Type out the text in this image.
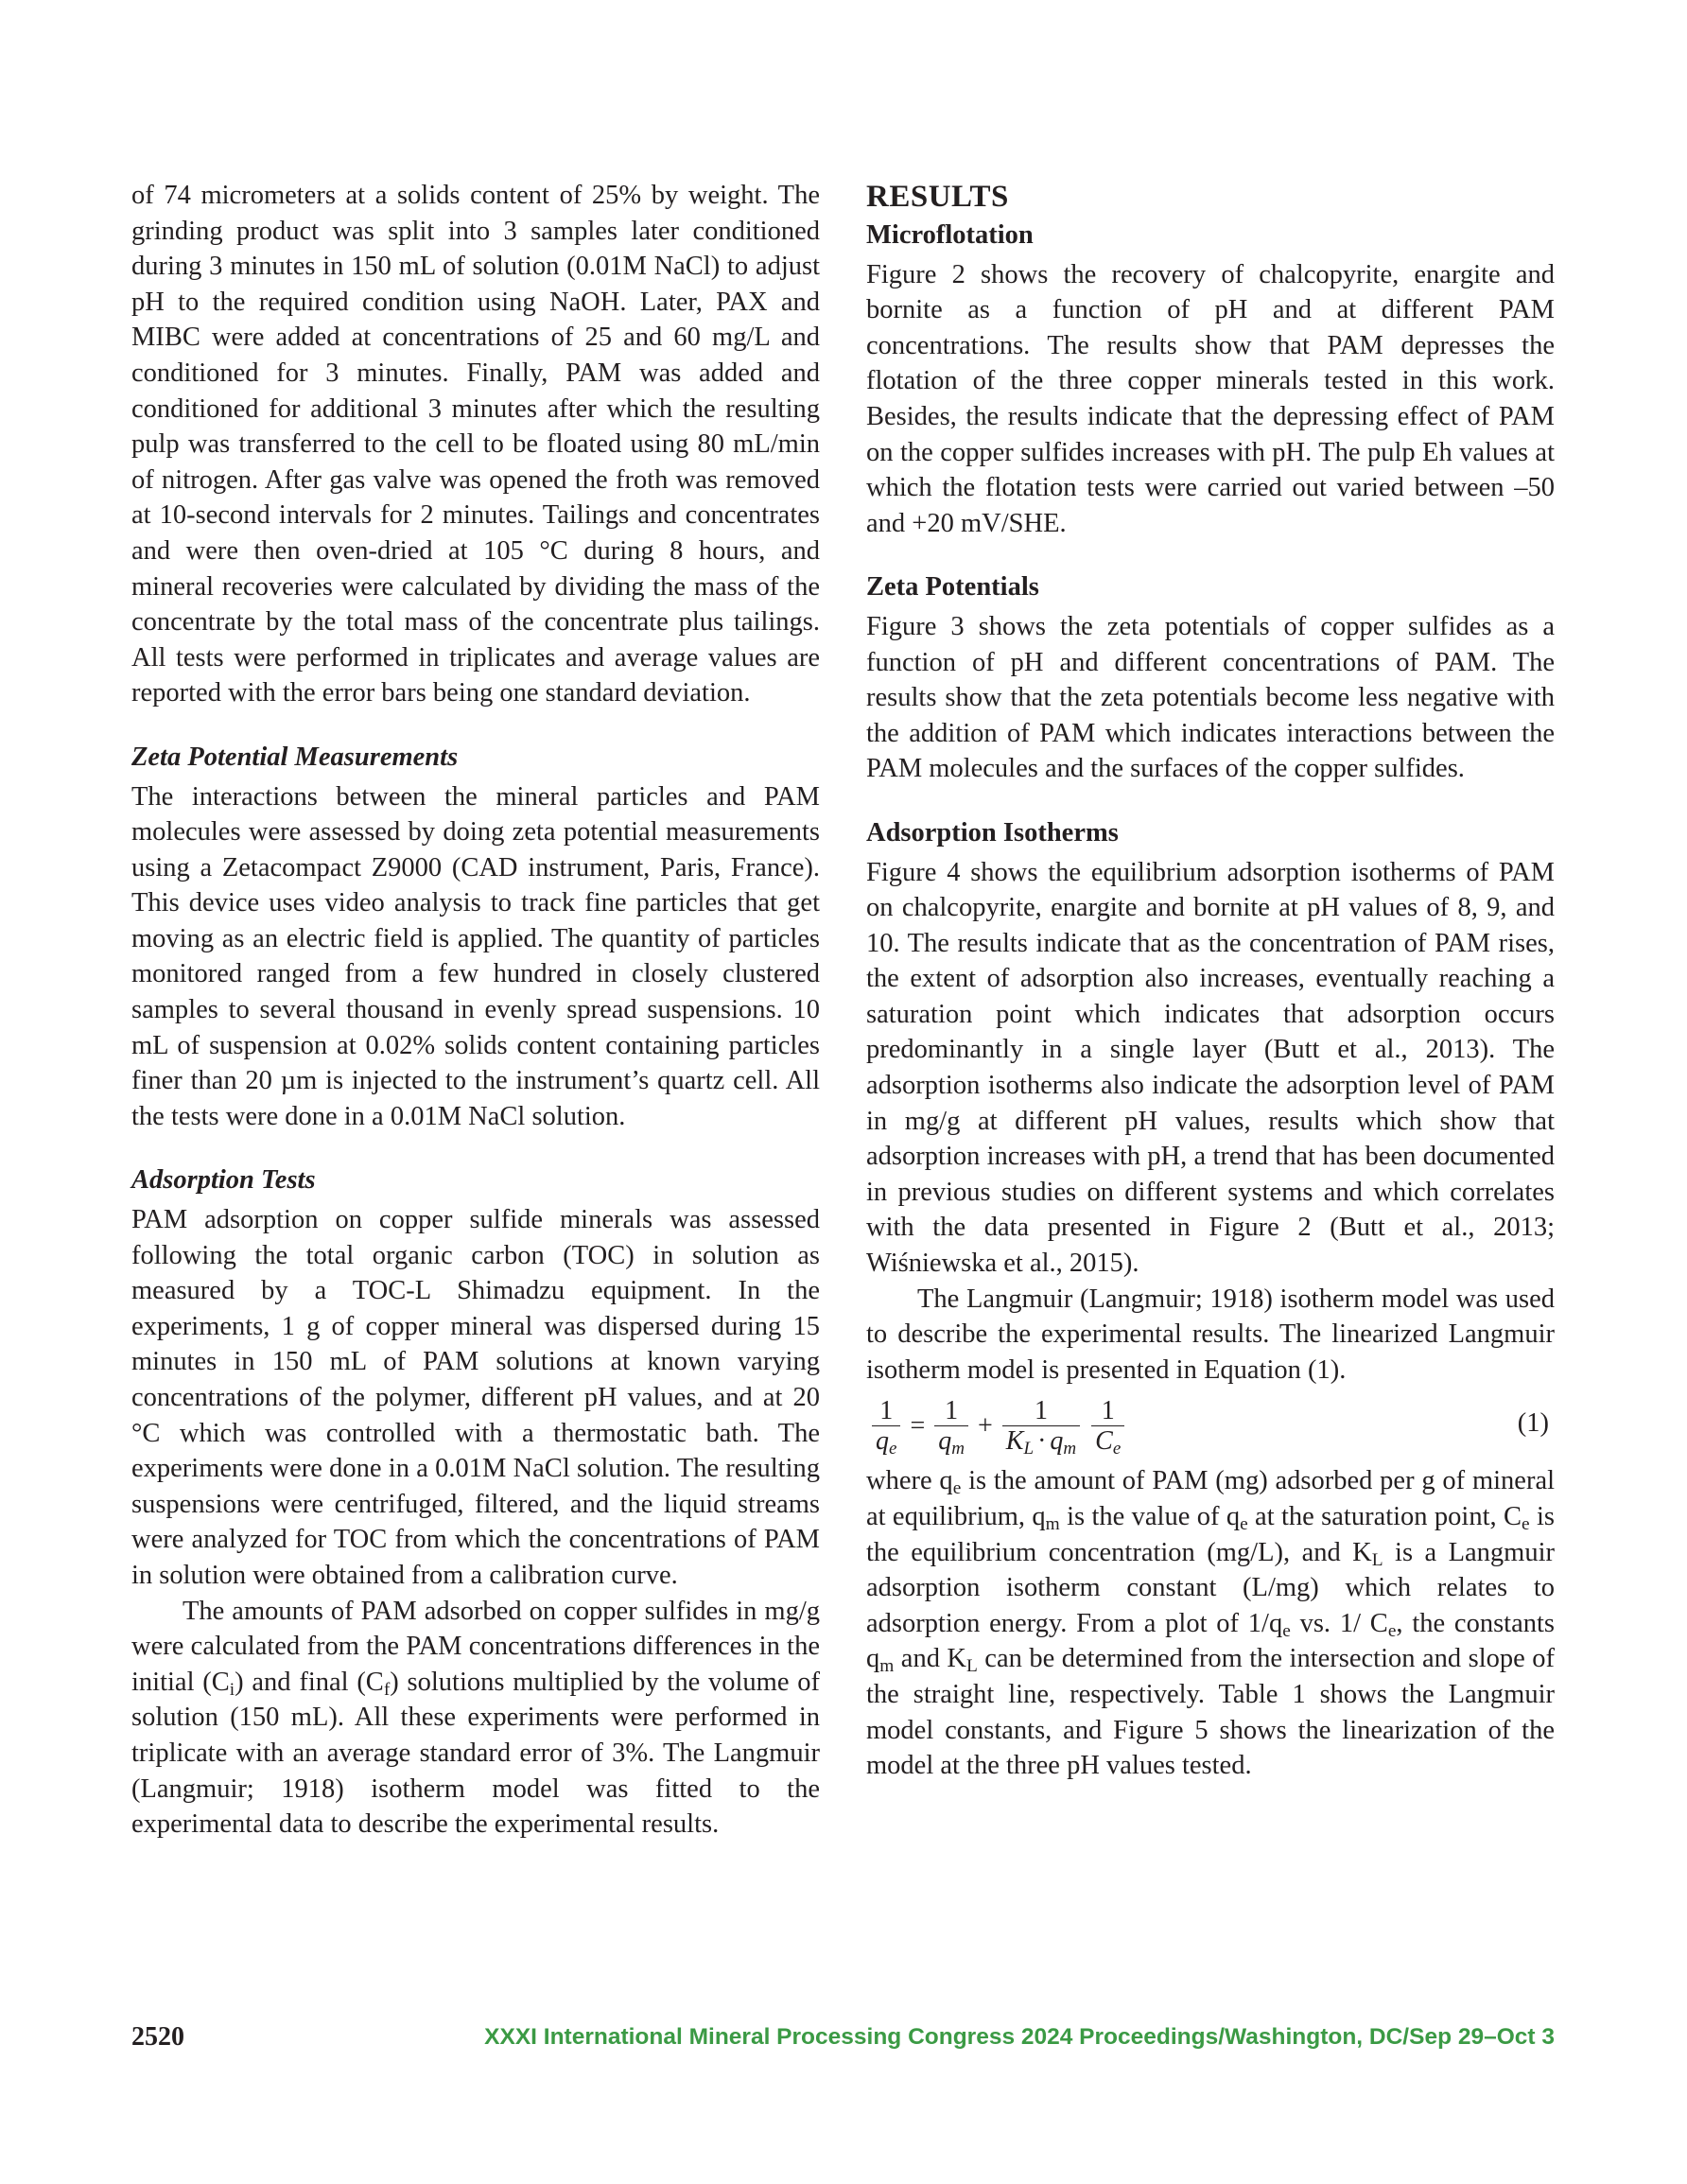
of 74 micrometers at a solids content of 25% by weight. The grinding product was split into 3 samples later conditioned during 3 minutes in 150 mL of solution (0.01M NaCl) to adjust pH to the required condition using NaOH. Later, PAX and MIBC were added at concentrations of 25 and 60 mg/L and conditioned for 3 minutes. Finally, PAM was added and conditioned for additional 3 minutes after which the resulting pulp was transferred to the cell to be floated using 80 mL/min of nitrogen. After gas valve was opened the froth was removed at 10-second intervals for 2 minutes. Tailings and concentrates and were then oven-dried at 105 °C during 8 hours, and mineral recoveries were calculated by dividing the mass of the concentrate by the total mass of the concentrate plus tailings. All tests were performed in triplicates and average values are reported with the error bars being one standard deviation.

Zeta Potential Measurements

The interactions between the mineral particles and PAM molecules were assessed by doing zeta potential measurements using a Zetacompact Z9000 (CAD instrument, Paris, France). This device uses video analysis to track fine particles that get moving as an electric field is applied. The quantity of particles monitored ranged from a few hundred in closely clustered samples to several thousand in evenly spread suspensions. 10 mL of suspension at 0.02% solids content containing particles finer than 20 µm is injected to the instrument’s quartz cell. All the tests were done in a 0.01M NaCl solution.

Adsorption Tests

PAM adsorption on copper sulfide minerals was assessed following the total organic carbon (TOC) in solution as measured by a TOC-L Shimadzu equipment. In the experiments, 1 g of copper mineral was dispersed during 15 minutes in 150 mL of PAM solutions at known varying concentrations of the polymer, different pH values, and at 20 °C which was controlled with a thermostatic bath. The experiments were done in a 0.01M NaCl solution. The resulting suspensions were centrifuged, filtered, and the liquid streams were analyzed for TOC from which the concentrations of PAM in solution were obtained from a calibration curve.

The amounts of PAM adsorbed on copper sulfides in mg/g were calculated from the PAM concentrations differences in the initial $(C_i)$ and final $(C_f)$ solutions multiplied by the volume of solution (150 mL). All these experiments were performed in triplicate with an average standard error of 3%. The Langmuir (Langmuir; 1918) isotherm model was fitted to the experimental data to describe the experimental results.

RESULTS
Microflotation

Figure 2 shows the recovery of chalcopyrite, enargite and bornite as a function of pH and at different PAM concentrations. The results show that PAM depresses the flotation of the three copper minerals tested in this work. Besides, the results indicate that the depressing effect of PAM on the copper sulfides increases with pH. The pulp Eh values at which the flotation tests were carried out varied between –50 and +20 mV/SHE.

Zeta Potentials

Figure 3 shows the zeta potentials of copper sulfides as a function of pH and different concentrations of PAM. The results show that the zeta potentials become less negative with the addition of PAM which indicates interactions between the PAM molecules and the surfaces of the copper sulfides.

Adsorption Isotherms

Figure 4 shows the equilibrium adsorption isotherms of PAM on chalcopyrite, enargite and bornite at pH values of 8, 9, and 10. The results indicate that as the concentration of PAM rises, the extent of adsorption also increases, eventually reaching a saturation point which indicates that adsorption occurs predominantly in a single layer (Butt et al., 2013). The adsorption isotherms also indicate the adsorption level of PAM in mg/g at different pH values, results which show that adsorption increases with pH, a trend that has been documented in previous studies on different systems and which correlates with the data presented in Figure 2 (Butt et al., 2013; Wiśniewska et al., 2015).

The Langmuir (Langmuir; 1918) isotherm model was used to describe the experimental results. The linearized Langmuir isotherm model is presented in Equation (1).

$\frac{1}{q_e} = \frac{1}{q_m} + \frac{1}{K_L \cdot q_m} \frac{1}{C_e}$	(1)

where $q_e$ is the amount of PAM (mg) adsorbed per g of mineral at equilibrium, $q_m$ is the value of $q_e$ at the saturation point, $C_e$ is the equilibrium concentration (mg/L), and $K_L$ is a Langmuir adsorption isotherm constant (L/mg) which relates to adsorption energy. From a plot of $1/q_e$ vs. 1/ $C_e$, the constants $q_m$ and $K_L$ can be determined from the intersection and slope of the straight line, respectively. Table 1 shows the Langmuir model constants, and Figure 5 shows the linearization of the model at the three pH values tested.

2520	XXXI International Mineral Processing Congress 2024 Proceedings/Washington, DC/Sep 29–Oct 3
